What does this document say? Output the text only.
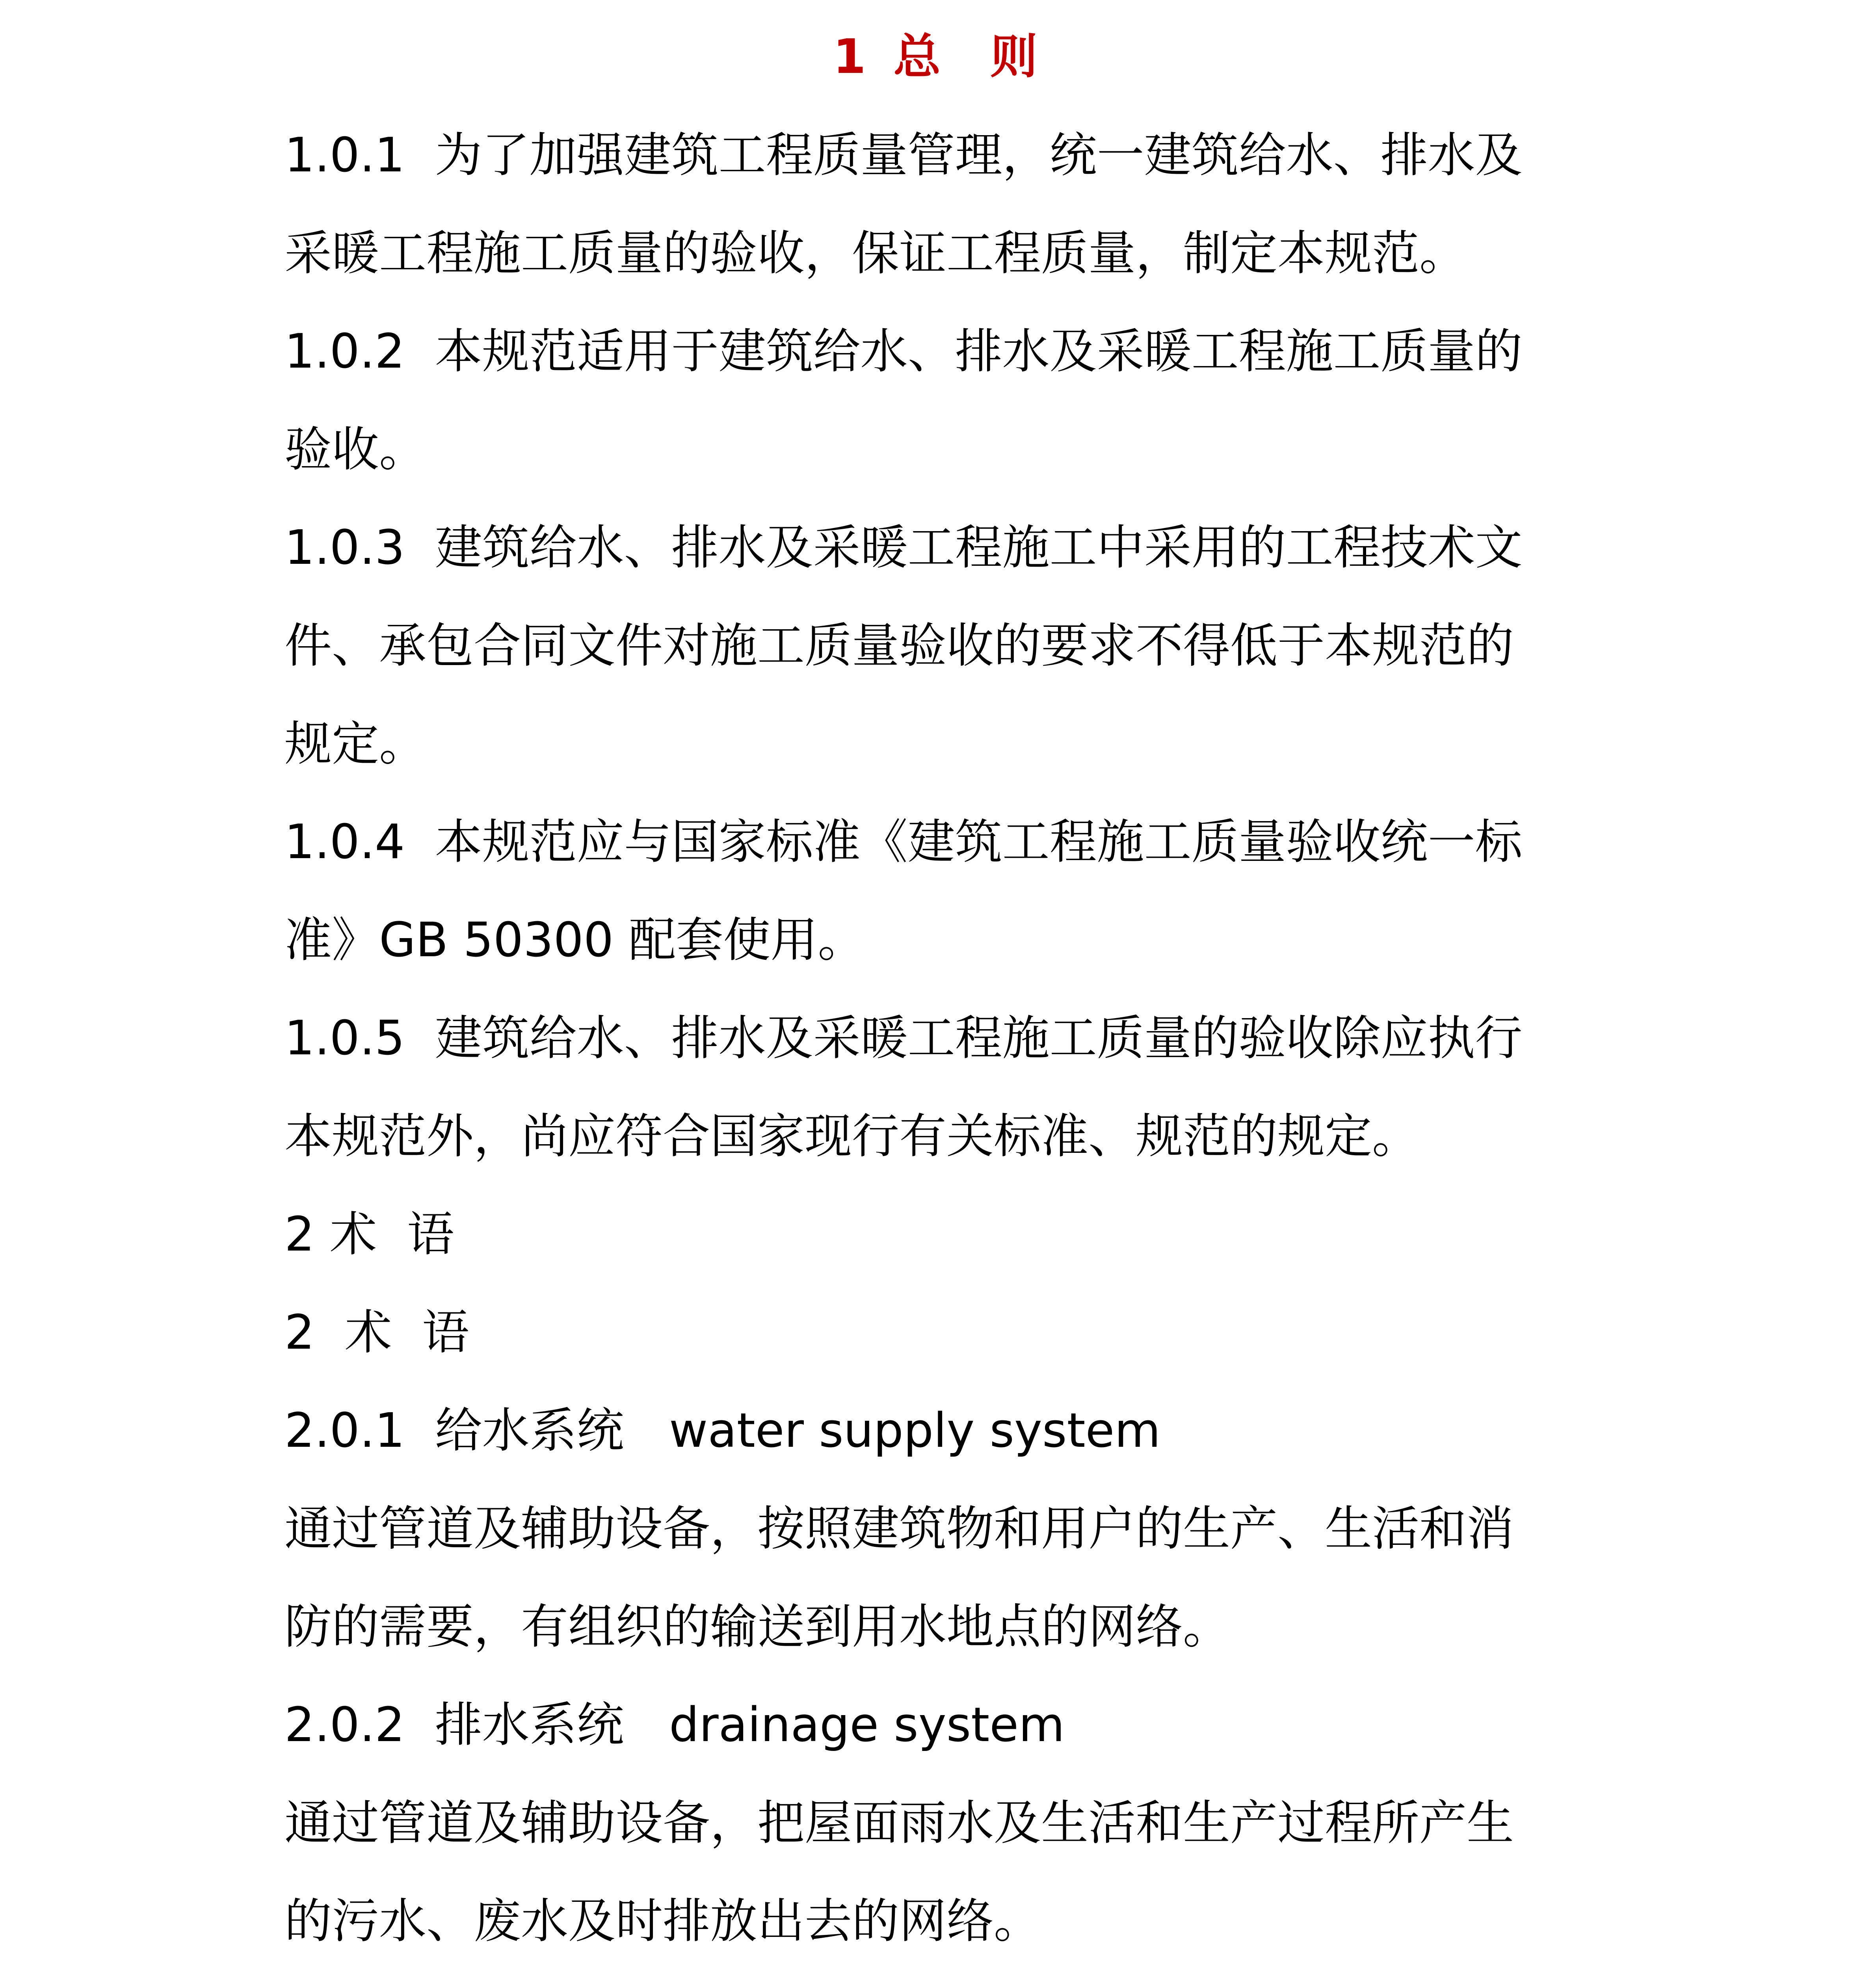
1 总  则
1.0.1  为了加强建筑工程质量管理，统一建筑给水、排水及
采暖工程施工质量的验收，保证工程质量，制定本规范。
1.0.2  本规范适用于建筑给水、排水及采暖工程施工质量的
验收。
1.0.3  建筑给水、排水及采暖工程施工中采用的工程技术文
件、承包合同文件对施工质量验收的要求不得低于本规范的
规定。
1.0.4  本规范应与国家标准《建筑工程施工质量验收统一标
准》GB 50300 配套使用。
1.0.5  建筑给水、排水及采暖工程施工质量的验收除应执行
本规范外，尚应符合国家现行有关标准、规范的规定。
2 术  语
2  术  语
2.0.1  给水系统   water supply system
通过管道及辅助设备，按照建筑物和用户的生产、生活和消
防的需要，有组织的输送到用水地点的网络。
2.0.2  排水系统   drainage system
通过管道及辅助设备，把屋面雨水及生活和生产过程所产生
的污水、废水及时排放出去的网络。
